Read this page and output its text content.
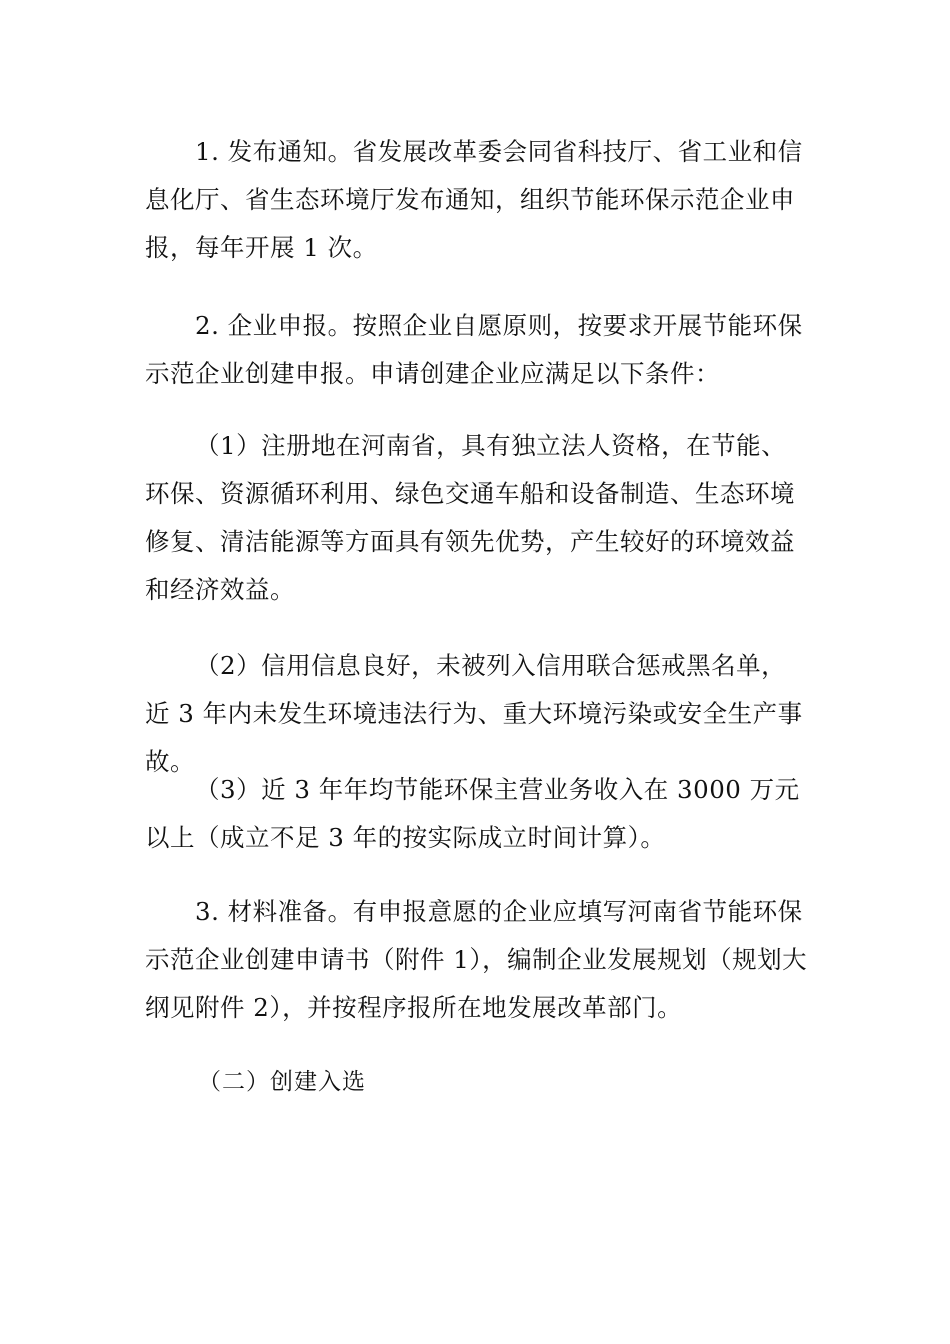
1. 发布通知。省发展改革委会同省科技厅、省工业和信息化厅、省生态环境厅发布通知，组织节能环保示范企业申报，每年开展 1 次。

2. 企业申报。按照企业自愿原则，按要求开展节能环保示范企业创建申报。申请创建企业应满足以下条件：

（1）注册地在河南省，具有独立法人资格，在节能、环保、资源循环利用、绿色交通车船和设备制造、生态环境修复、清洁能源等方面具有领先优势，产生较好的环境效益和经济效益。

（2）信用信息良好，未被列入信用联合惩戒黑名单，近 3 年内未发生环境违法行为、重大环境污染或安全生产事故。

（3）近 3 年年均节能环保主营业务收入在 3000 万元以上（成立不足 3 年的按实际成立时间计算）。

3. 材料准备。有申报意愿的企业应填写河南省节能环保示范企业创建申请书（附件 1），编制企业发展规划（规划大纲见附件 2），并按程序报所在地发展改革部门。

（二）创建入选
